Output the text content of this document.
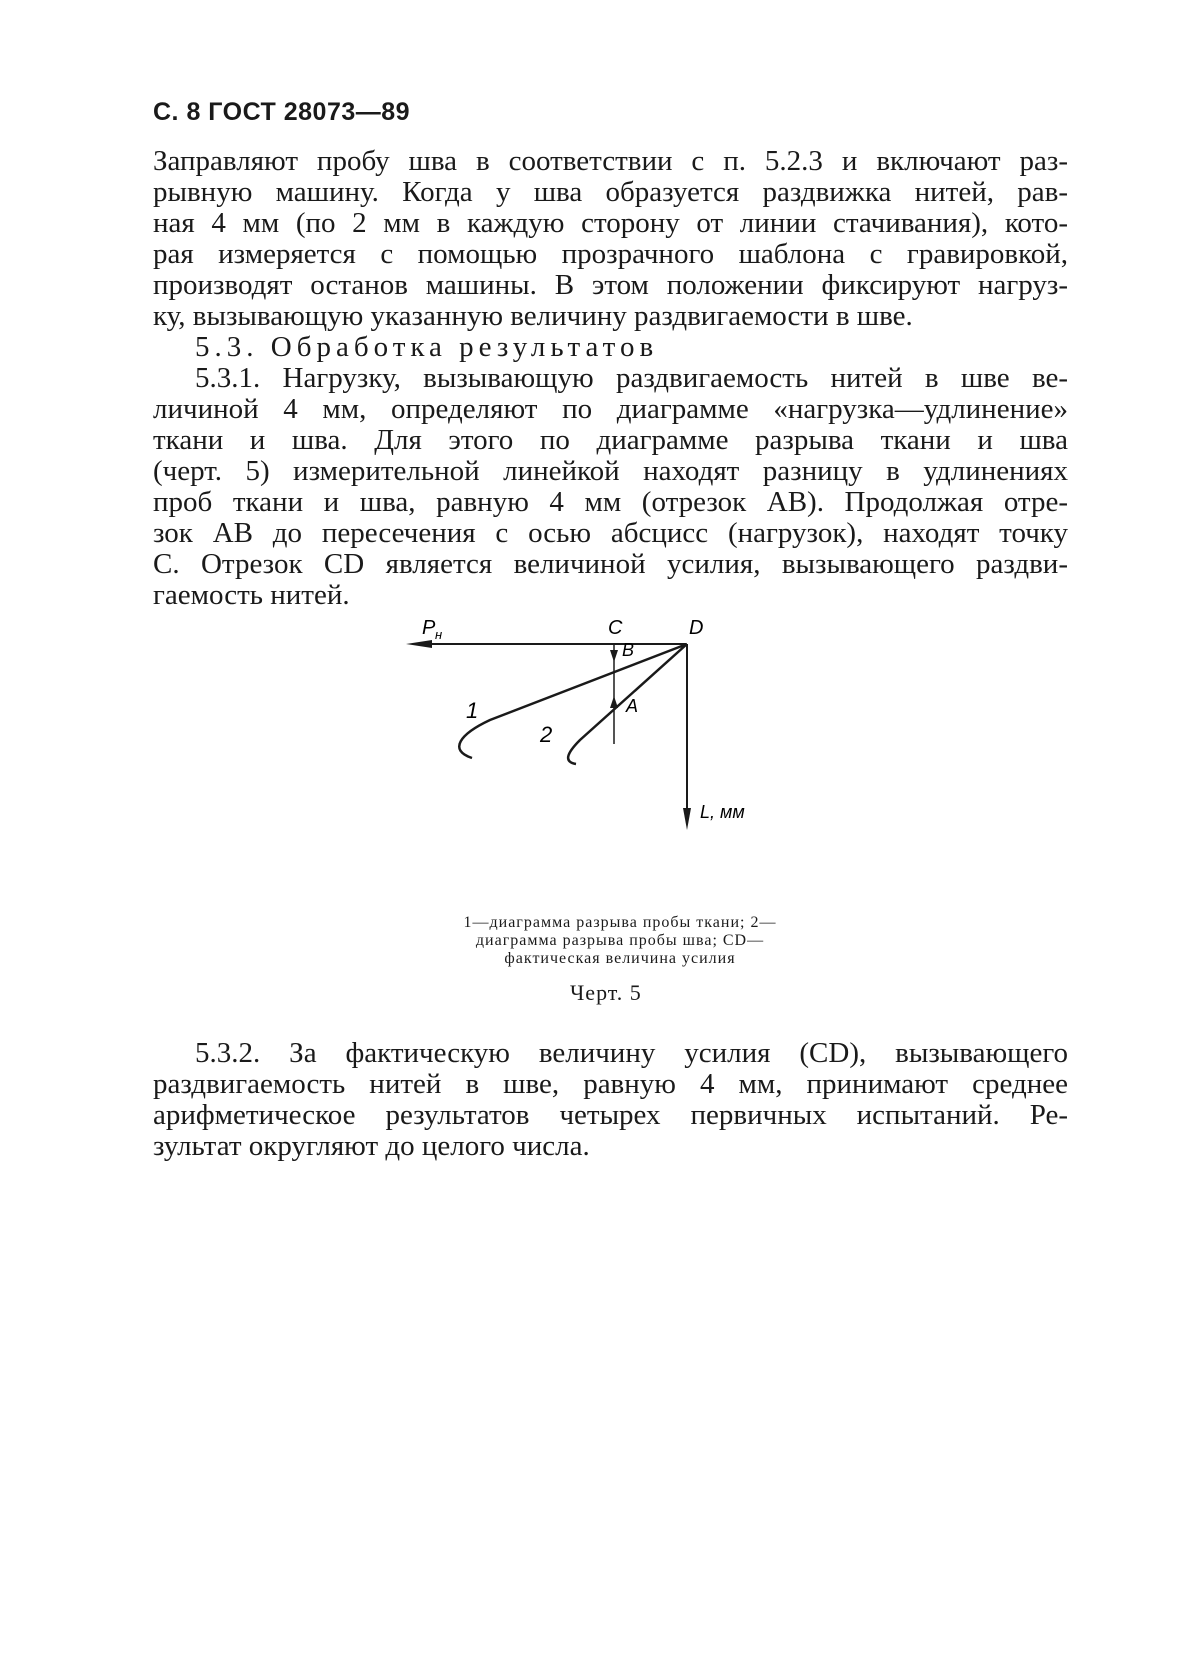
С. 8 ГОСТ 28073—89
Заправляют пробу шва в соответствии с п. 5.2.3 и включают раз-
рывную машину. Когда у шва образуется раздвижка нитей, рав-
ная 4 мм (по 2 мм в каждую сторону от линии стачивания), кото-
рая измеряется с помощью прозрачного шаблона с гравировкой,
производят останов машины. В этом положении фиксируют нагруз-
ку, вызывающую указанную величину раздвигаемости в шве.
5.3. Обработка результатов
5.3.1. Нагрузку, вызывающую раздвигаемость нитей в шве ве-
личиной 4 мм, определяют по диаграмме «нагрузка—удлинение»
ткани и шва. Для этого по диаграмме разрыва ткани и шва
(черт. 5) измерительной линейкой находят разницу в удлинениях
проб ткани и шва, равную 4 мм (отрезок AB). Продолжая отре-
зок AB до пересечения с осью абсцисс (нагрузок), находят точку
C. Отрезок CD является величиной усилия, вызывающего раздви-
гаемость нитей.
P н	C	D
B
A
1
2
L, мм
1—диаграмма разрыва пробы ткани; 2—
диаграмма разрыва пробы шва; CD—
фактическая величина усилия
Черт. 5
5.3.2. За фактическую величину усилия (CD), вызывающего
раздвигаемость нитей в шве, равную 4 мм, принимают среднее
арифметическое результатов четырех первичных испытаний. Ре-
зультат округляют до целого числа.
